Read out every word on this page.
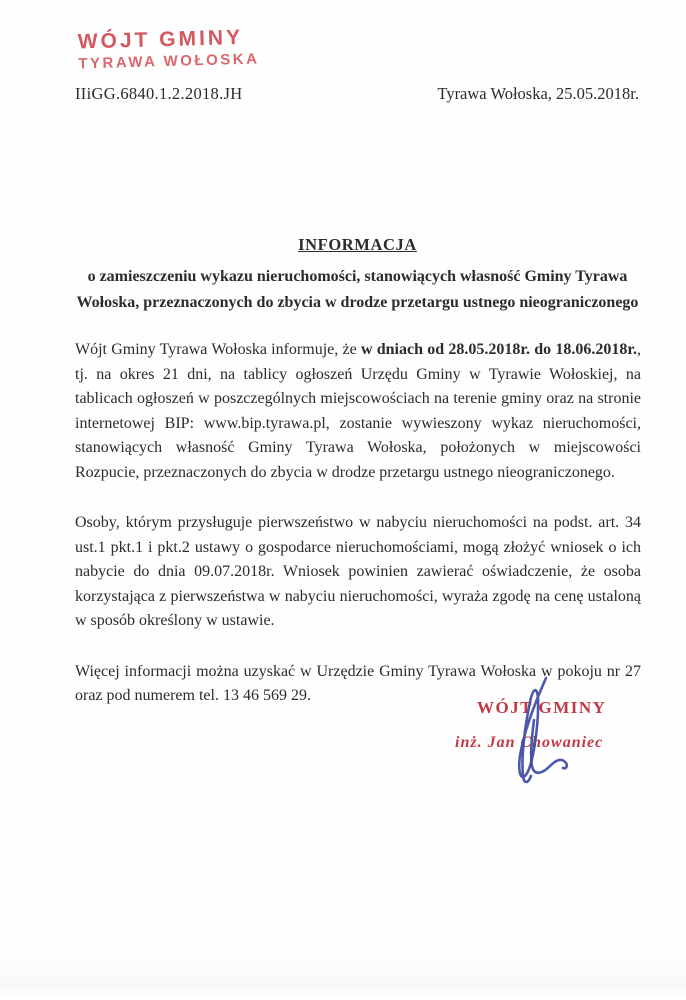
WÓJT GMINY
TYRAWA WOŁOSKA
IIiGG.6840.1.2.2018.JH	Tyrawa Wołoska, 25.05.2018r.

INFORMACJA

o zamieszczeniu wykazu nieruchomości, stanowiących własność Gminy Tyrawa Wołoska, przeznaczonych do zbycia w drodze przetargu ustnego nieograniczonego

Wójt Gminy Tyrawa Wołoska informuje, że w dniach od 28.05.2018r. do 18.06.2018r., tj. na okres 21 dni, na tablicy ogłoszeń Urzędu Gminy w Tyrawie Wołoskiej, na tablicach ogłoszeń w poszczególnych miejscowościach na terenie gminy oraz na stronie internetowej BIP: www.bip.tyrawa.pl, zostanie wywieszony wykaz nieruchomości, stanowiących własność Gminy Tyrawa Wołoska, położonych w miejscowości Rozpucie, przeznaczonych do zbycia w drodze przetargu ustnego nieograniczonego.

Osoby, którym przysługuje pierwszeństwo w nabyciu nieruchomości na podst. art. 34 ust.1 pkt.1 i pkt.2 ustawy o gospodarce nieruchomościami, mogą złożyć wniosek o ich nabycie do dnia 09.07.2018r. Wniosek powinien zawierać oświadczenie, że osoba korzystająca z pierwszeństwa w nabyciu nieruchomości, wyraża zgodę na cenę ustaloną w sposób określony w ustawie.

Więcej informacji można uzyskać w Urzędzie Gminy Tyrawa Wołoska w pokoju nr 27 oraz pod numerem tel. 13 46 569 29.

WÓJT GMINY

inż. Jan Chowaniec
